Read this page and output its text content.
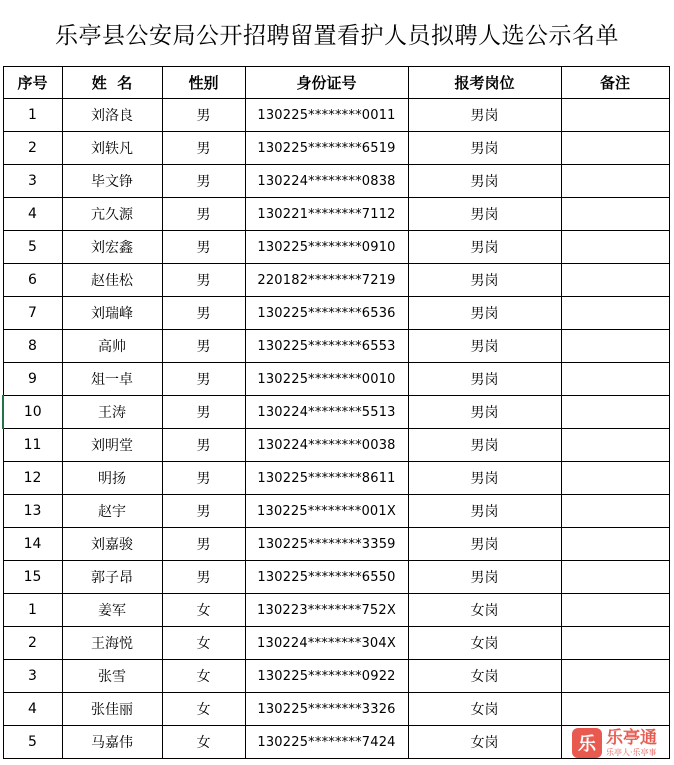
乐亭县公安局公开招聘留置看护人员拟聘人选公示名单
序号	姓  名	性别	身份证号	报考岗位	备注
1	刘洛良	男	130225********0011	男岗	
2	刘轶凡	男	130225********6519	男岗	
3	毕文铮	男	130224********0838	男岗	
4	亢久源	男	130221********7112	男岗	
5	刘宏鑫	男	130225********0910	男岗	
6	赵佳松	男	220182********7219	男岗	
7	刘瑞峰	男	130225********6536	男岗	
8	高帅	男	130225********6553	男岗	
9	俎一卓	男	130225********0010	男岗	
10	王涛	男	130224********5513	男岗	
11	刘明堂	男	130224********0038	男岗	
12	明扬	男	130225********8611	男岗	
13	赵宇	男	130225********001X	男岗	
14	刘嘉骏	男	130225********3359	男岗	
15	郭子昂	男	130225********6550	男岗	
1	姜军	女	130223********752X	女岗	
2	王海悦	女	130224********304X	女岗	
3	张雪	女	130225********0922	女岗	
4	张佳丽	女	130225********3326	女岗	
5	马嘉伟	女	130225********7424	女岗		乐 乐亭通
乐亭人·乐亭事
